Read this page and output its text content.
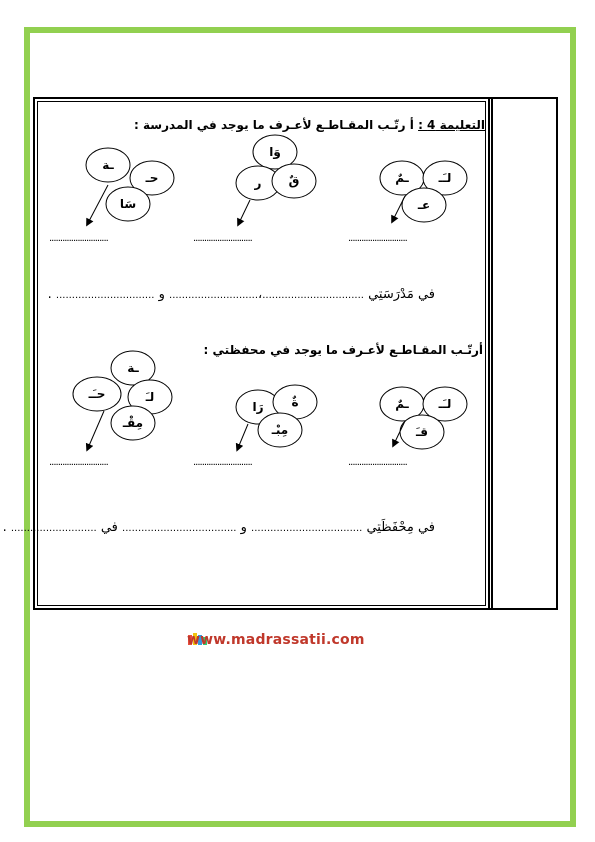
التعليمة 4 : أ رتّـب المقـاطـع لأعـرف ما يوجد في المدرسة :
ـة
حـ
سَا
وَا
قٌ
ر	ـمٌ لـَـ
عـ
ـة
حـَـ	لـَ
مِقْـ
رَا ةٌ
مِبْـ
ـمٌ لـَـ
قـَ
...........................	...........................	...........................
في مَدْرَسَتِي ................................،............................ و ............................... .
أرتّـب المقـاطـع لأعـرف ما يوجد في محفظتي :
...........................	...........................	...........................
في مِحْفَظَتِي ................................... و .................................... في ........................... .
www.madrassatii.com
